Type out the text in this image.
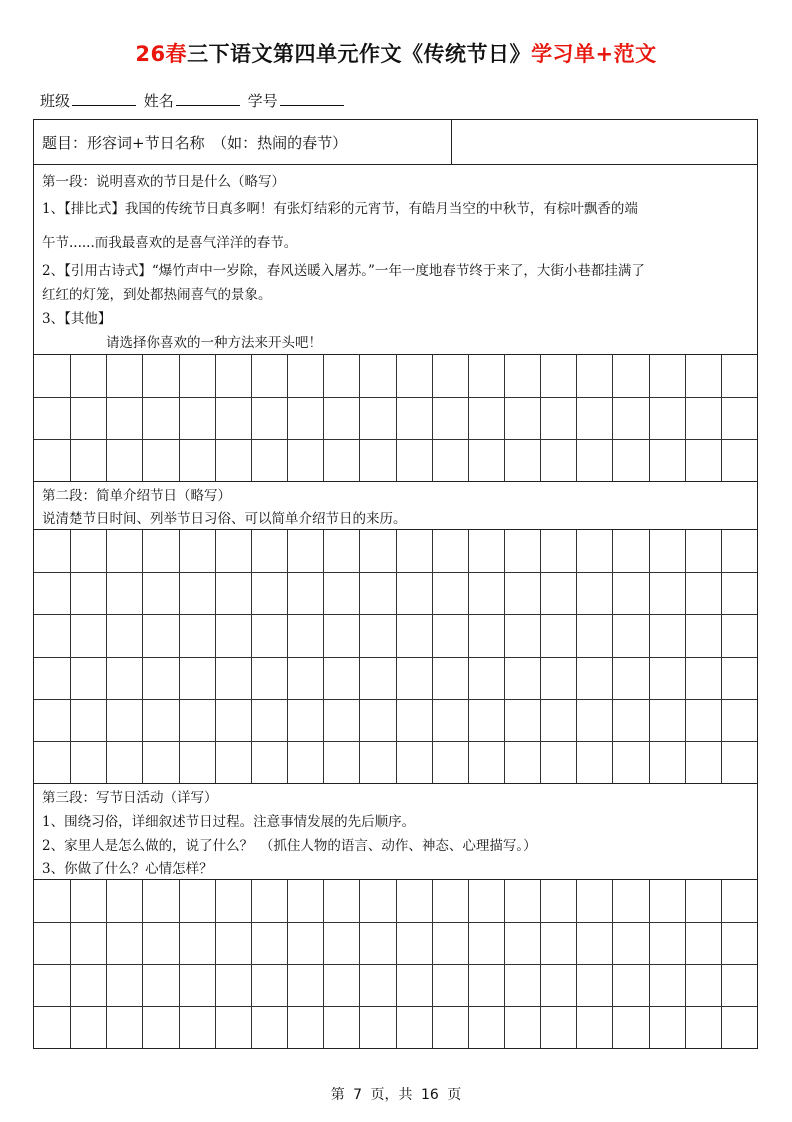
26春三下语文第四单元作文《传统节日》学习单+范文
班级	姓名	学号
题目：形容词+节日名称　（如：热闹的春节）
第一段：说明喜欢的节日是什么（略写）
1、【排比式】我国的传统节日真多啊！有张灯结彩的元宵节，有皓月当空的中秋节，有棕叶飘香的端
午节......而我最喜欢的是喜气洋洋的春节。
2、【引用古诗式】“爆竹声中一岁除，春风送暖入屠苏。”一年一度地春节终于来了，大街小巷都挂满了
红红的灯笼，到处都热闹喜气的景象。
3、【其他】
请选择你喜欢的一种方法来开头吧！
第二段：简单介绍节日（略写）
说清楚节日时间、列举节日习俗、可以简单介绍节日的来历。
第三段：写节日活动（详写）
1、围绕习俗，详细叙述节日过程。注意事情发展的先后顺序。
2、家里人是怎么做的，说了什么？　（抓住人物的语言、动作、神态、心理描写。）
3、你做了什么？心情怎样？
第 7 页，共 16 页
